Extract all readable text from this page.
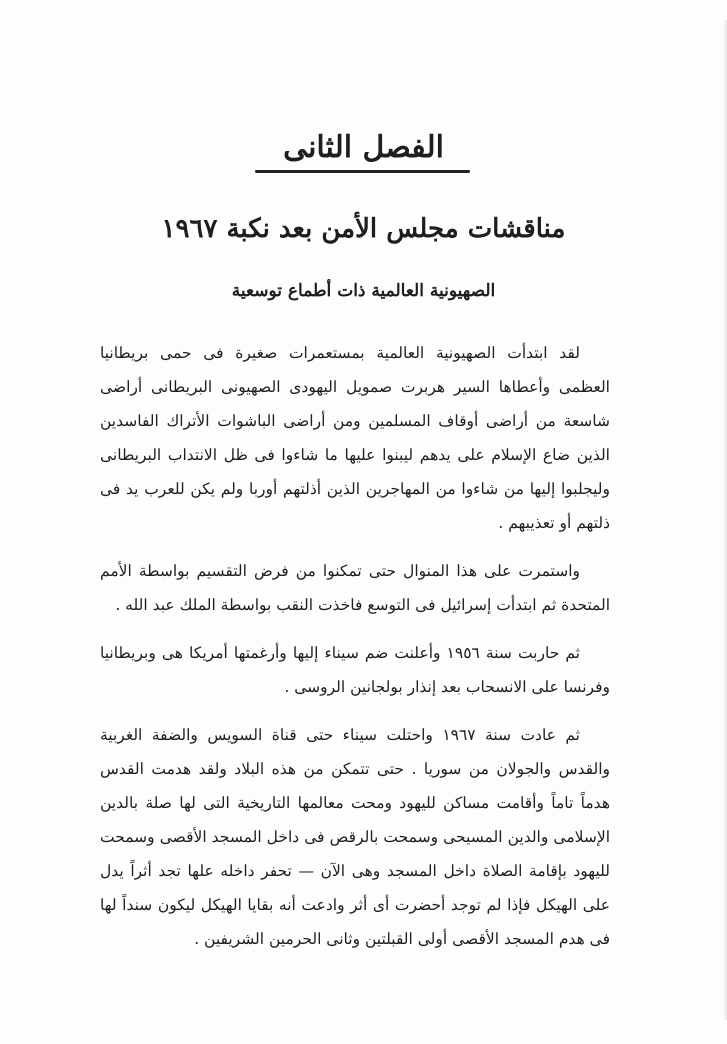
الفصل الثانى
مناقشات مجلس الأمن بعد نكبة ١٩٦٧
الصهيونية العالمية ذات أطماع توسعية

لقد ابتدأت الصهيونية العالمية بمستعمرات صغيرة فى حمى بريطانيا العظمى وأعطاها السير هربرت صمويل اليهودى الصهيونى البريطانى أراضى شاسعة من أراضى أوقاف المسلمين ومن أراضى الباشوات الأتراك الفاسدين الذين ضاع الإسلام على يدهم ليبنوا عليها ما شاءوا فى ظل الانتداب البريطانى وليجلبوا إليها من شاءوا من المهاجرين الذين أذلتهم أوربا ولم يكن للعرب يد فى ذلتهم أو تعذيبهم .

واستمرت على هذا المنوال حتى تمكنوا من فرض التقسيم بواسطة الأمم المتحدة ثم ابتدأت إسرائيل فى التوسع فاخذت النقب بواسطة الملك عبد الله .

ثم حاربت سنة ١٩٥٦ وأعلنت ضم سيناء إليها وأرغمتها أمريكا هى وبريطانيا وفرنسا على الانسحاب بعد إنذار بولجانين الروسى .

ثم عادت سنة ١٩٦٧ واحتلت سيناء حتى قناة السويس والضفة الغربية والقدس والجولان من سوريا . حتى تتمكن من هذه البلاد ولقد هدمت القدس هدماً تاماً وأقامت مساكن لليهود ومحت معالمها التاريخية التى لها صلة بالدين الإسلامى والدين المسيحى وسمحت بالرقص فى داخل المسجد الأقصى وسمحت لليهود بإقامة الصلاة داخل المسجد وهى الآن — تحفر داخله علها تجد أثراً يدل على الهيكل فإذا لم توجد أحضرت أى أثر وادعت أنه بقايا الهيكل ليكون سنداً لها فى هدم المسجد الأقصى أولى القبلتين وثانى الحرمين الشريفين .
